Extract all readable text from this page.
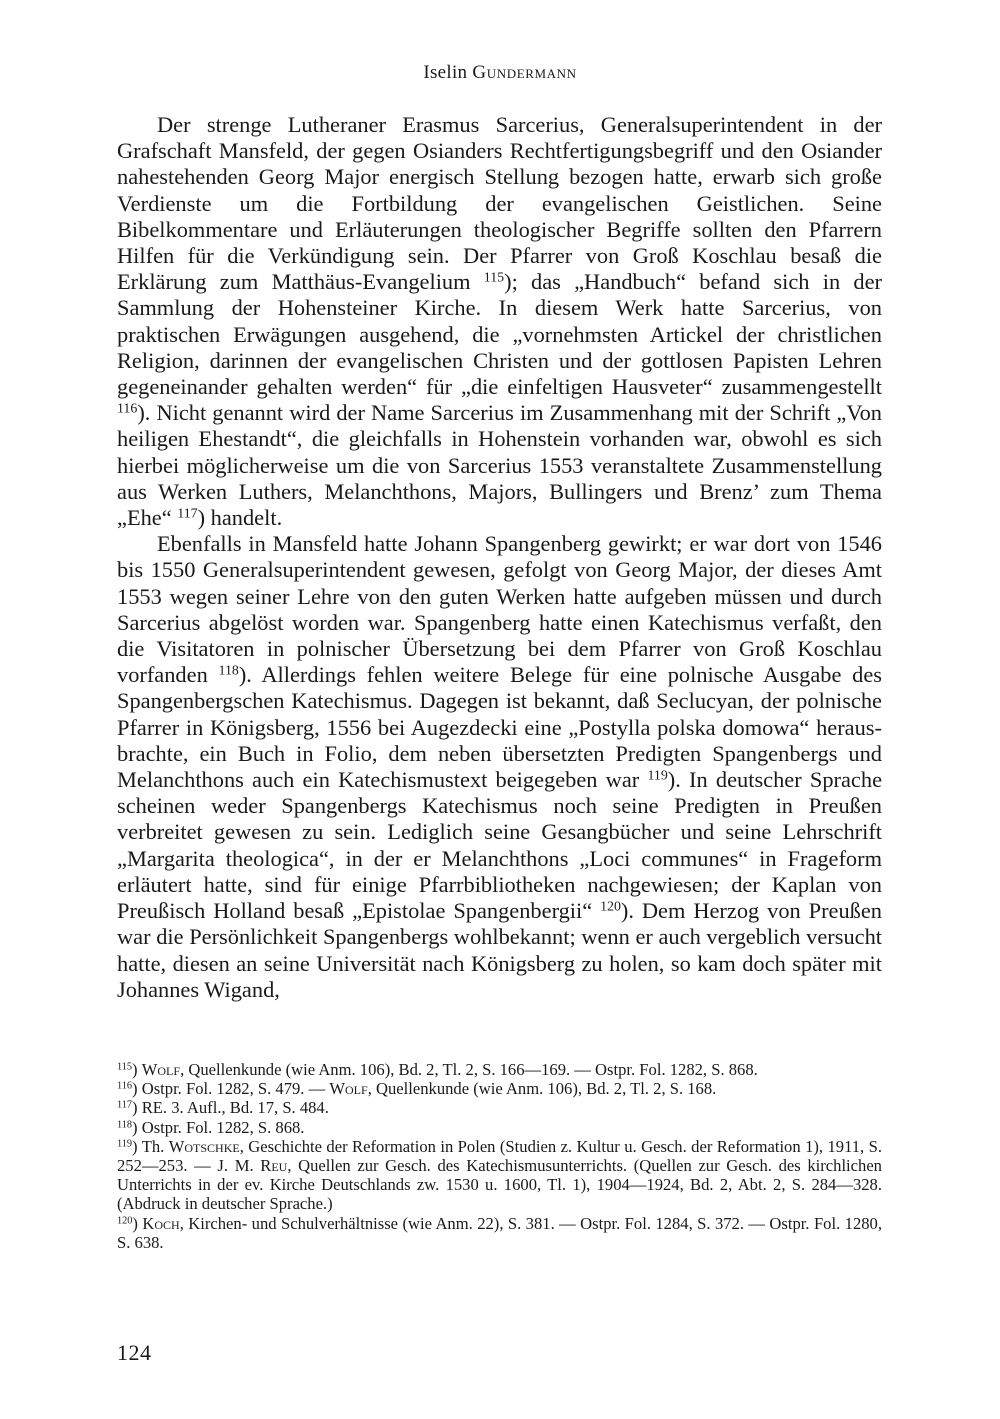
Iselin Gundermann

Der strenge Lutheraner Erasmus Sarcerius, Generalsuperintendent in der Grafschaft Mansfeld, der gegen Osianders Rechtfertigungsbegriff und den Osiander nahestehenden Georg Major energisch Stellung bezogen hatte, erwarb sich große Verdienste um die Fortbildung der evangelischen Geistlichen. Seine Bibelkommentare und Erläuterungen theologischer Begriffe sollten den Pfarrern Hilfen für die Verkündigung sein. Der Pfarrer von Groß Koschlau besaß die Erklärung zum Matthäus-Evangelium $^{115}$); das „Handbuch“ befand sich in der Sammlung der Hohensteiner Kirche. In diesem Werk hatte Sarcerius, von praktischen Erwägungen ausgehend, die „vornehmsten Artickel der christlichen Religion, darinnen der evangelischen Christen und der gottlosen Papisten Lehren gegeneinander gehalten werden“ für „die einfeltigen Hausveter“ zusammengestellt $^{116}$). Nicht genannt wird der Name Sarcerius im Zusammenhang mit der Schrift „Von heiligen Ehestandt“, die gleichfalls in Hohenstein vorhanden war, obwohl es sich hierbei möglicherweise um die von Sarcerius 1553 veranstaltete Zusammenstellung aus Werken Luthers, Melanchthons, Majors, Bullingers und Brenz’ zum Thema „Ehe“ $^{117}$) handelt.

Ebenfalls in Mansfeld hatte Johann Spangenberg gewirkt; er war dort von 1546 bis 1550 Generalsuperintendent gewesen, gefolgt von Georg Major, der dieses Amt 1553 wegen seiner Lehre von den guten Werken hatte aufgeben müssen und durch Sarcerius abgelöst worden war. Spangenberg hatte einen Katechismus verfaßt, den die Visitatoren in polnischer Übersetzung bei dem Pfarrer von Groß Koschlau vorfanden $^{118}$). Allerdings fehlen weitere Belege für eine polnische Ausgabe des Spangenbergschen Katechismus. Dagegen ist bekannt, daß Seclucyan, der polnische Pfarrer in Königsberg, 1556 bei Augezdecki eine „Postylla polska domowa“ herausbrachte, ein Buch in Folio, dem neben übersetzten Predigten Spangenbergs und Melanchthons auch ein Katechismustext beigegeben war $^{119}$). In deutscher Sprache scheinen weder Spangenbergs Katechismus noch seine Predigten in Preußen verbreitet gewesen zu sein. Lediglich seine Gesangbücher und seine Lehrschrift „Margarita theologica“, in der er Melanchthons „Loci communes“ in Frageform erläutert hatte, sind für einige Pfarrbibliotheken nachgewiesen; der Kaplan von Preußisch Holland besaß „Epistolae Spangenbergii“ $^{120}$). Dem Herzog von Preußen war die Persönlichkeit Spangenbergs wohlbekannt; wenn er auch vergeblich versucht hatte, diesen an seine Universität nach Königsberg zu holen, so kam doch später mit Johannes Wigand,

$^{115}$) Wolf, Quellenkunde (wie Anm. 106), Bd. 2, Tl. 2, S. 166—169. — Ostpr. Fol. 1282, S. 868.
$^{116}$) Ostpr. Fol. 1282, S. 479. — Wolf, Quellenkunde (wie Anm. 106), Bd. 2, Tl. 2, S. 168.
$^{117}$) RE. 3. Aufl., Bd. 17, S. 484.
$^{118}$) Ostpr. Fol. 1282, S. 868.
$^{119}$) Th. Wotschke, Geschichte der Reformation in Polen (Studien z. Kultur u. Gesch. der Reformation 1), 1911, S. 252—253. — J. M. Reu, Quellen zur Gesch. des Katechismusunterrichts. (Quellen zur Gesch. des kirchlichen Unterrichts in der ev. Kirche Deutschlands zw. 1530 u. 1600, Tl. 1), 1904—1924, Bd. 2, Abt. 2, S. 284—328. (Abdruck in deutscher Sprache.)
$^{120}$) Koch, Kirchen- und Schulverhältnisse (wie Anm. 22), S. 381. — Ostpr. Fol. 1284, S. 372. — Ostpr. Fol. 1280, S. 638.
124
